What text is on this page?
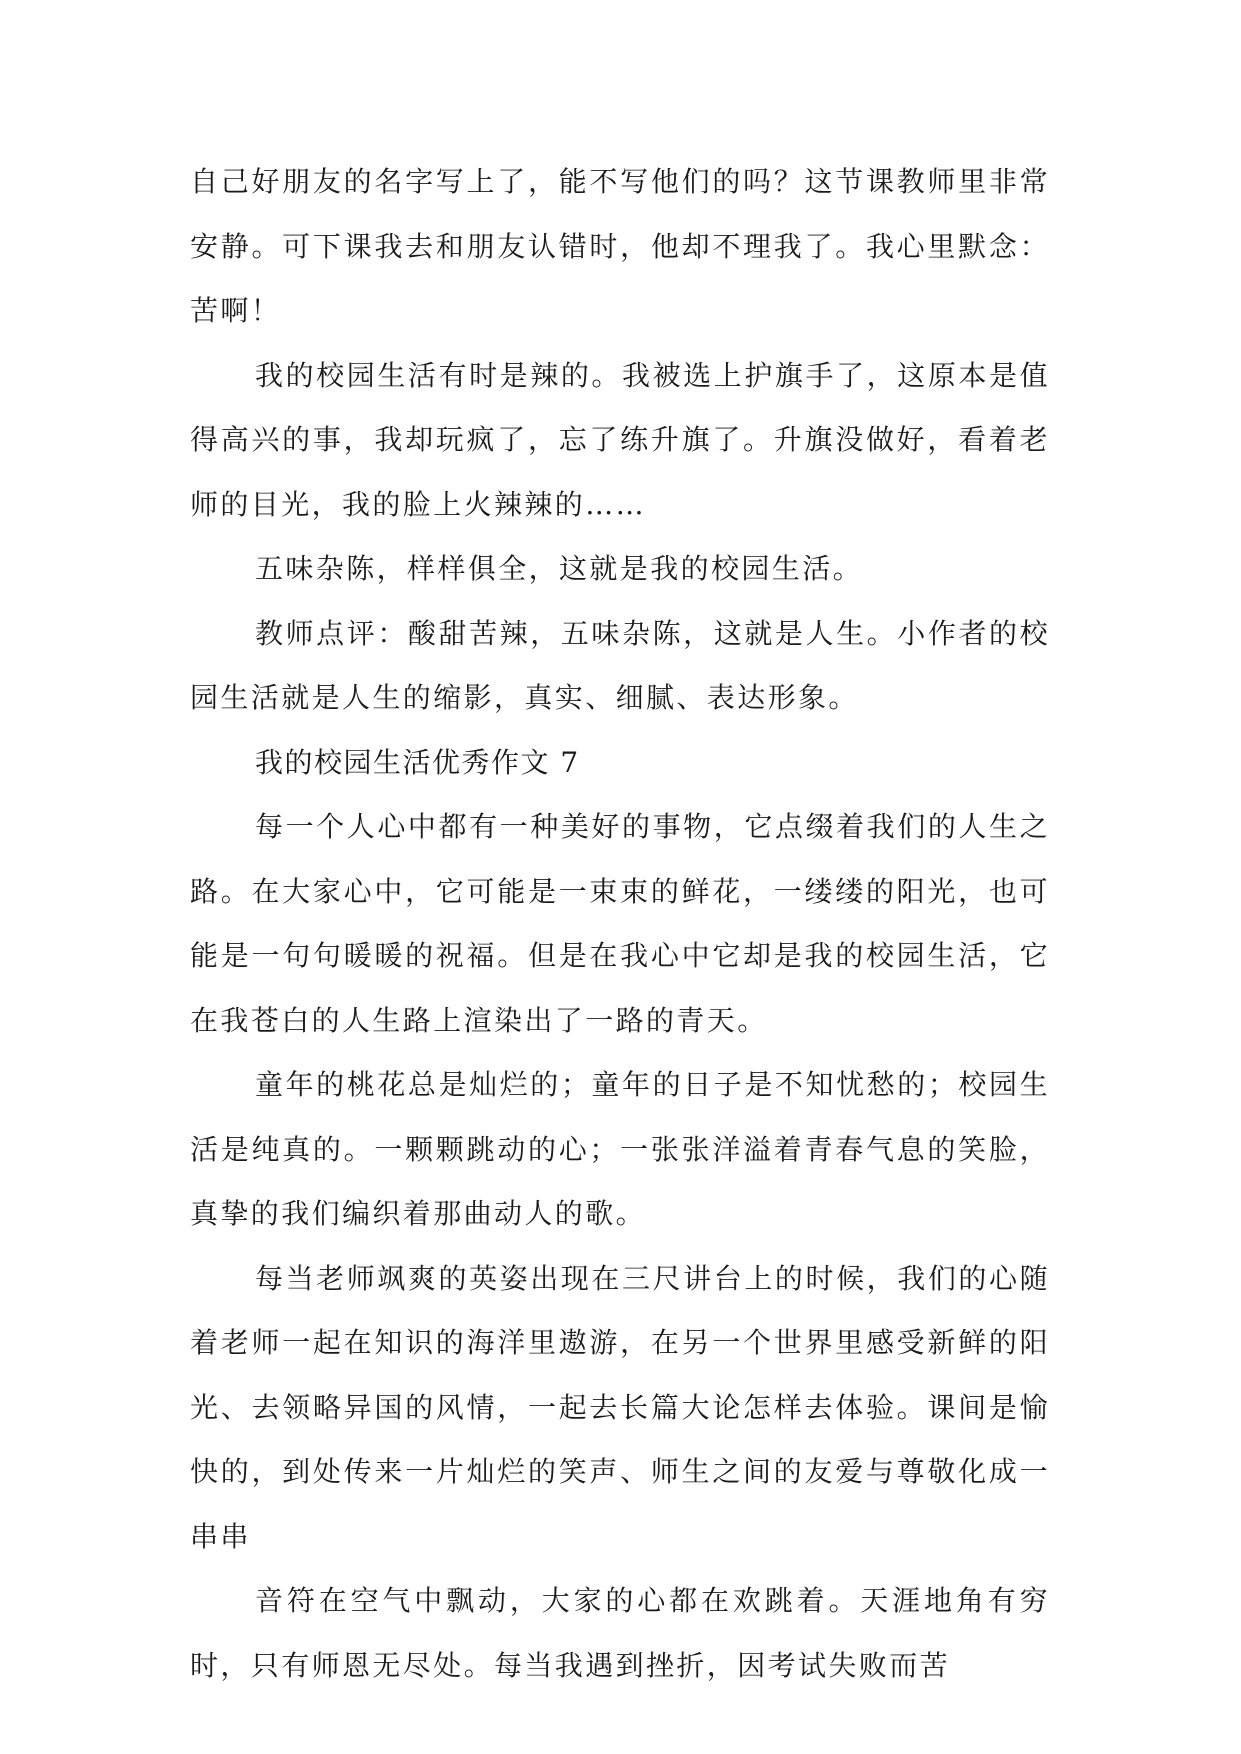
自己好朋友的名字写上了，能不写他们的吗？这节课教师里非常安静。可下课我去和朋友认错时，他却不理我了。我心里默念：苦啊！

我的校园生活有时是辣的。我被选上护旗手了，这原本是值得高兴的事，我却玩疯了，忘了练升旗了。升旗没做好，看着老师的目光，我的脸上火辣辣的……

五味杂陈，样样俱全，这就是我的校园生活。

教师点评：酸甜苦辣，五味杂陈，这就是人生。小作者的校园生活就是人生的缩影，真实、细腻、表达形象。

我的校园生活优秀作文 7

每一个人心中都有一种美好的事物，它点缀着我们的人生之路。在大家心中，它可能是一束束的鲜花，一缕缕的阳光，也可能是一句句暖暖的祝福。但是在我心中它却是我的校园生活，它在我苍白的人生路上渲染出了一路的青天。

童年的桃花总是灿烂的；童年的日子是不知忧愁的；校园生活是纯真的。一颗颗跳动的心；一张张洋溢着青春气息的笑脸，真挚的我们编织着那曲动人的歌。

每当老师飒爽的英姿出现在三尺讲台上的时候，我们的心随着老师一起在知识的海洋里遨游，在另一个世界里感受新鲜的阳光、去领略异国的风情，一起去长篇大论怎样去体验。课间是愉快的，到处传来一片灿烂的笑声、师生之间的友爱与尊敬化成一串串

音符在空气中飘动，大家的心都在欢跳着。天涯地角有穷时，只有师恩无尽处。每当我遇到挫折，因考试失败而苦
